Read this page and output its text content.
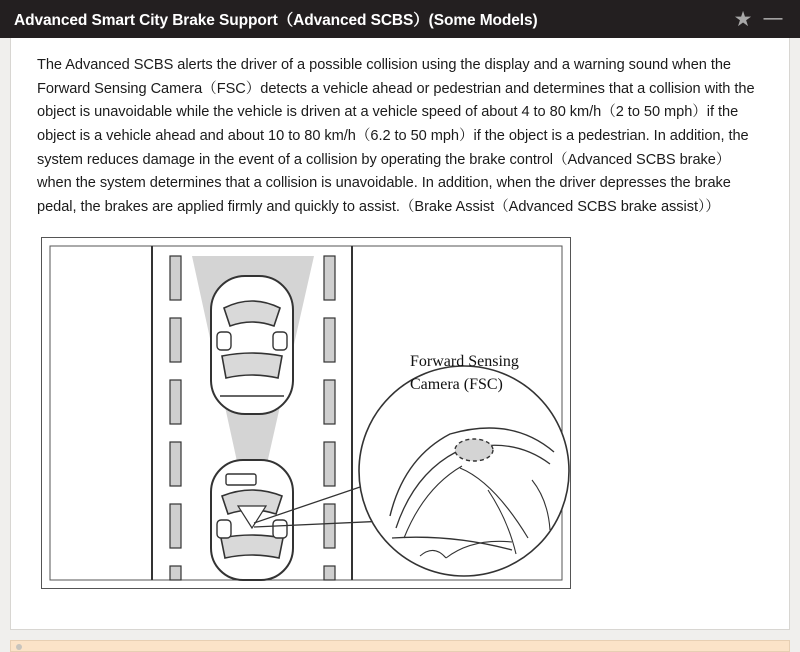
Advanced Smart City Brake Support（Advanced SCBS）(Some Models)	★ —
The Advanced SCBS alerts the driver of a possible collision using the display and a warning sound when the Forward Sensing Camera（FSC）detects a vehicle ahead or pedestrian and determines that a collision with the object is unavoidable while the vehicle is driven at a vehicle speed of about 4 to 80 km/h（2 to 50 mph）if the object is a vehicle ahead and about 10 to 80 km/h（6.2 to 50 mph）if the object is a pedestrian. In addition, the system reduces damage in the event of a collision by operating the brake control（Advanced SCBS brake）when the system determines that a collision is unavoidable. In addition, when the driver depresses the brake pedal, the brakes are applied firmly and quickly to assist.（Brake Assist（Advanced SCBS brake assist））
Forward Sensing
Camera (FSC)
